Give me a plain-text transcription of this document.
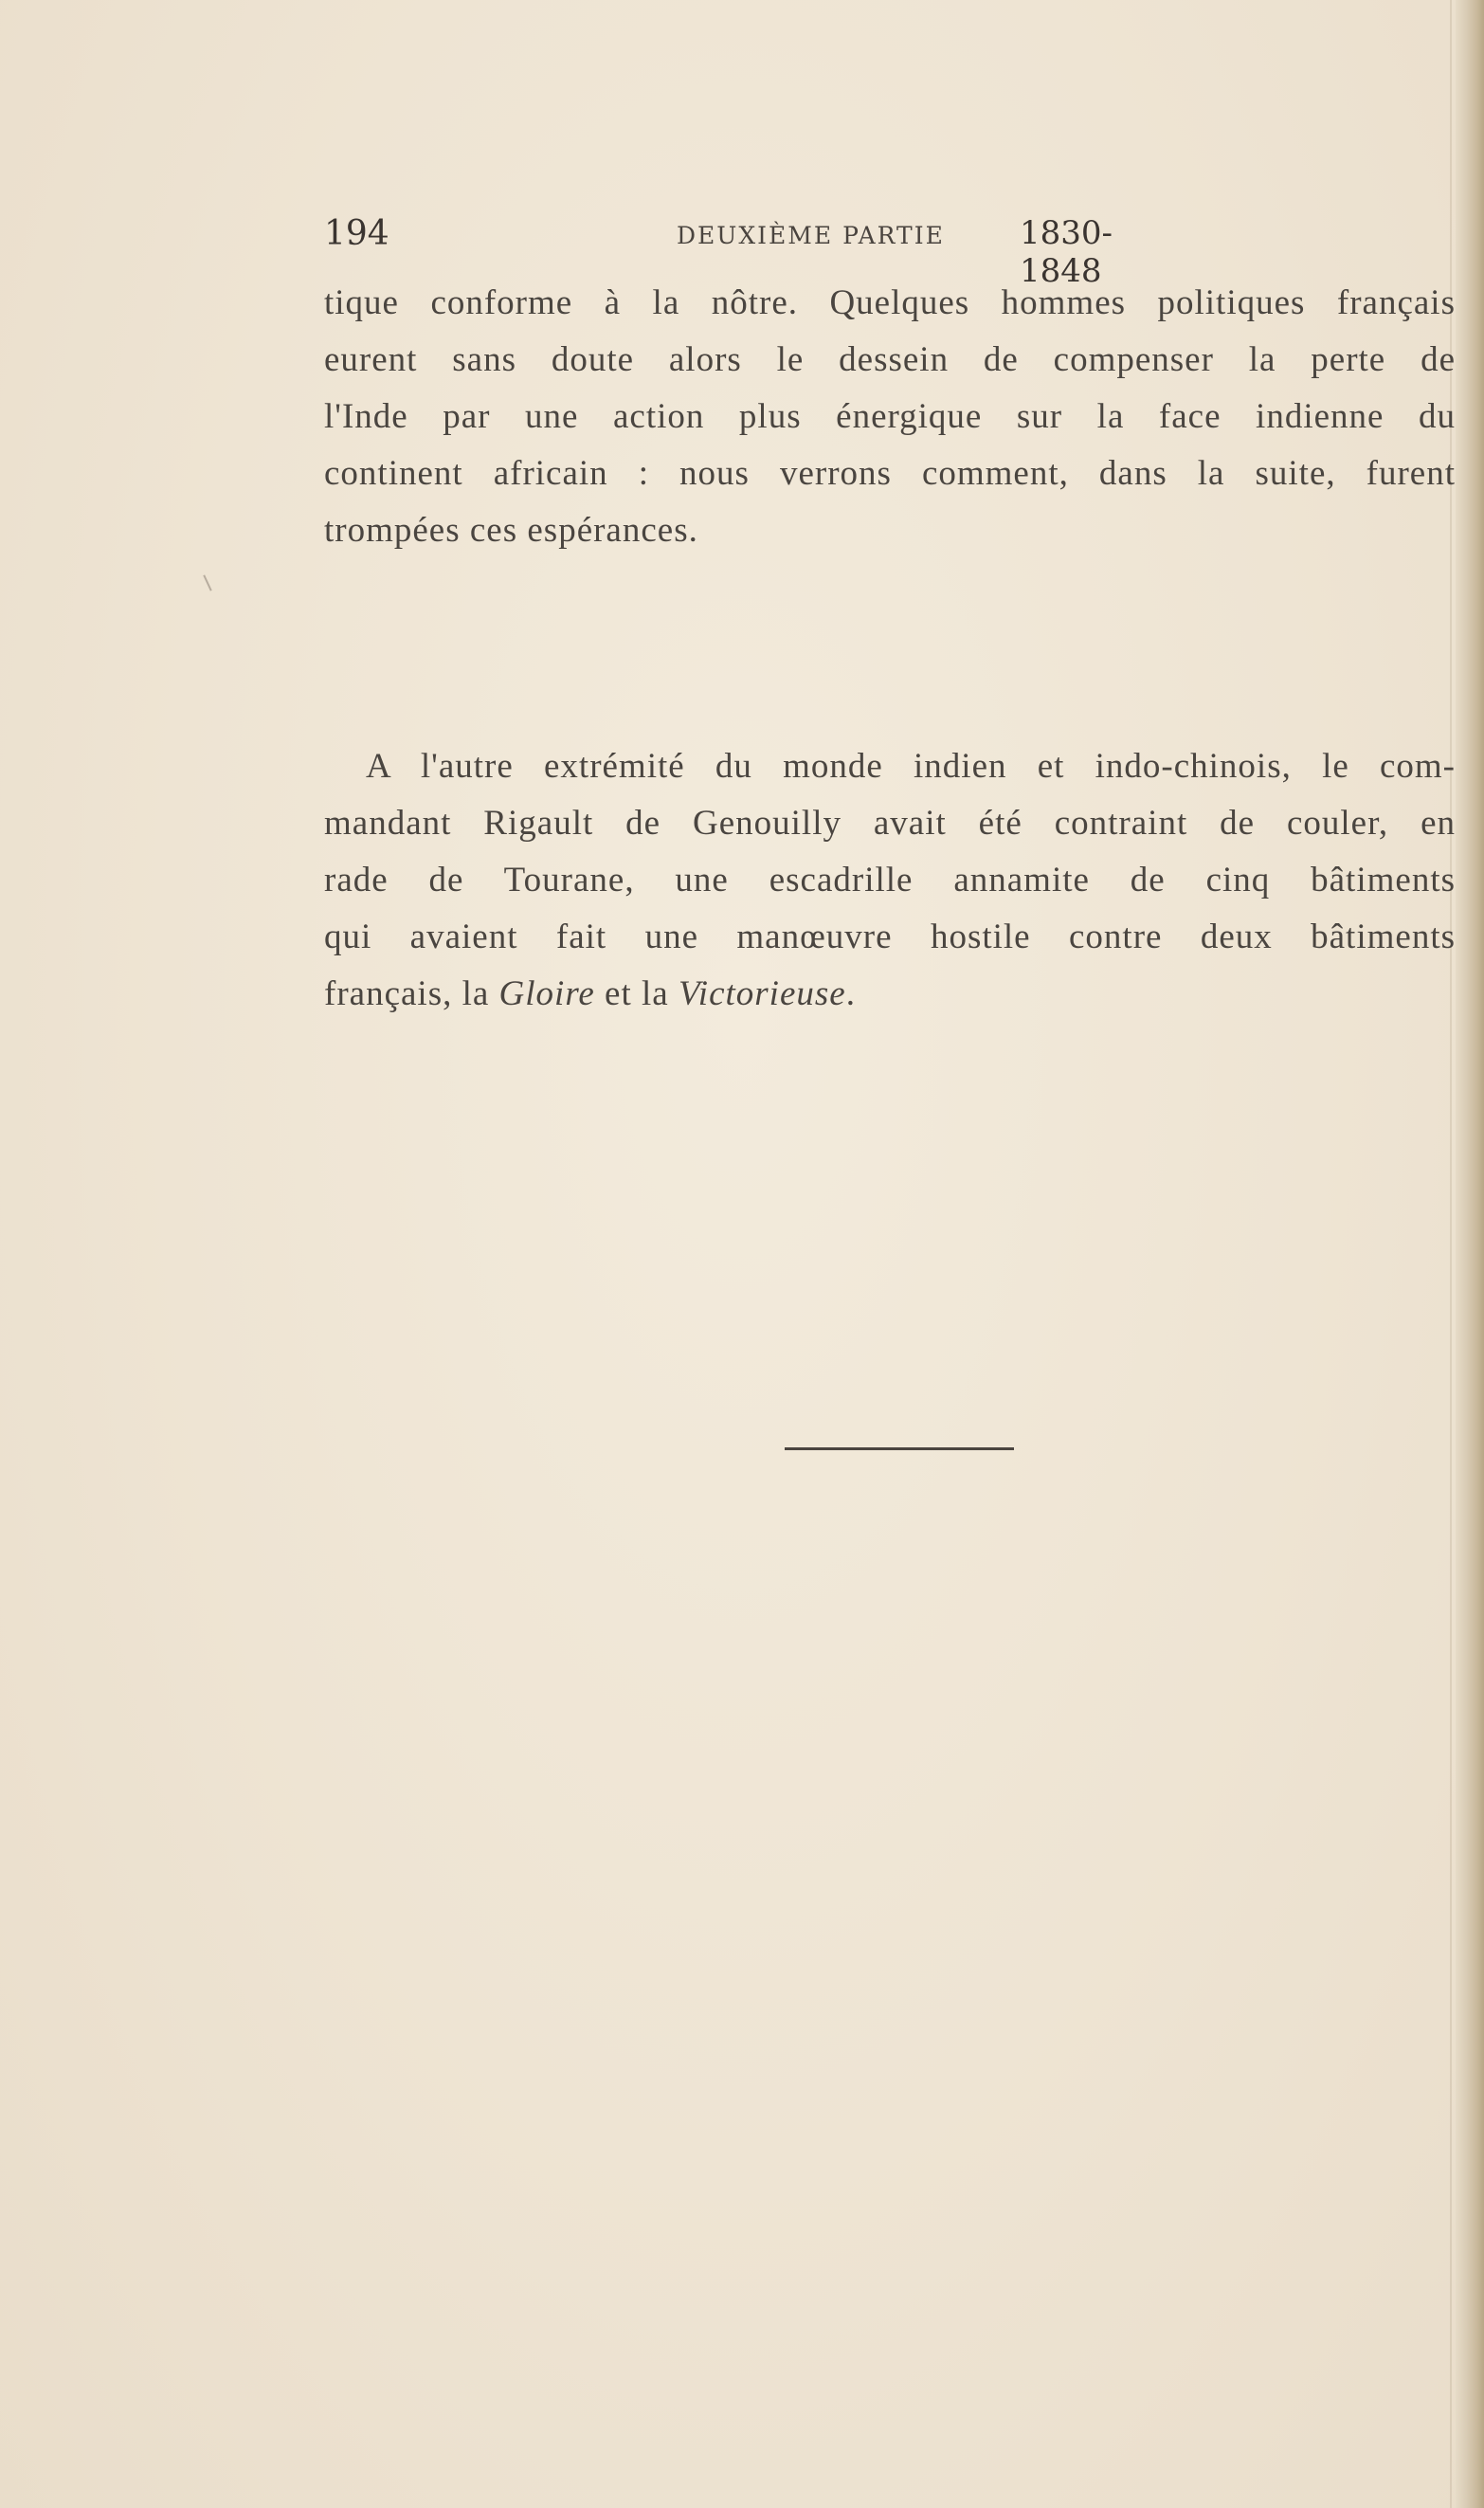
194	DEUXIÈME PARTIE 1830-1848
tique conforme à la nôtre. Quelques hommes politiques français
eurent sans doute alors le dessein de compenser la perte de
l'Inde par une action plus énergique sur la face indienne du
continent africain : nous verrons comment, dans la suite, furent
trompées ces espérances.
A l'autre extrémité du monde indien et indo-chinois, le com-
mandant Rigault de Genouilly avait été contraint de couler, en
rade de Tourane, une escadrille annamite de cinq bâtiments
qui avaient fait une manœuvre hostile contre deux bâtiments
français, la Gloire et la Victorieuse.
